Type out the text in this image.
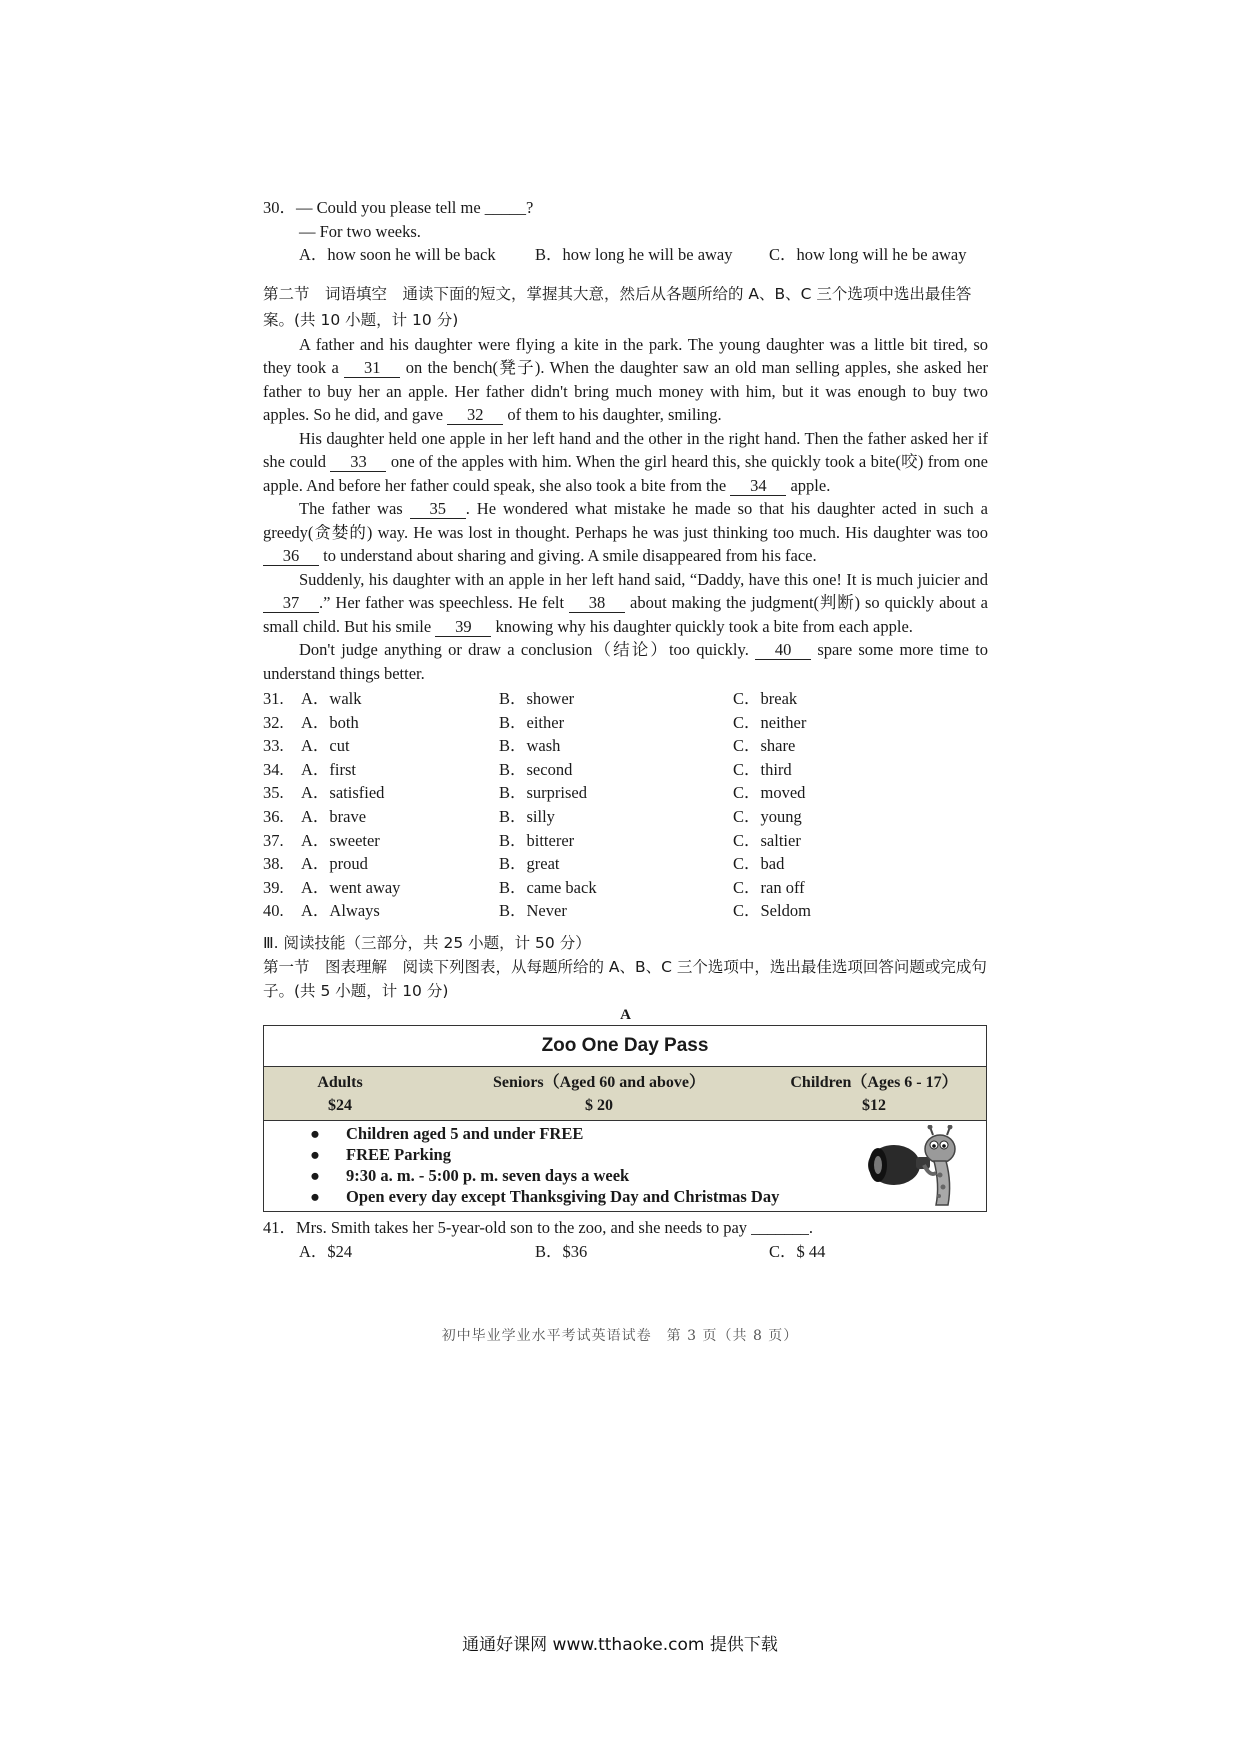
30．— Could you please tell me _____?
— For two weeks.
A．how soon he will be back	B．how long he will be away	C．how long will he be away
第二节　词语填空　通读下面的短文，掌握其大意，然后从各题所给的 A、B、C 三个选项中选出最佳答案。(共 10 小题，计 10 分)

A father and his daughter were flying a kite in the park. The young daughter was a little bit tired, so they took a 31 on the bench(凳子). When the daughter saw an old man selling apples, she asked her father to buy her an apple. Her father didn't bring much money with him, but it was enough to buy two apples. So he did, and gave 32 of them to his daughter, smiling.

His daughter held one apple in her left hand and the other in the right hand. Then the father asked her if she could 33 one of the apples with him. When the girl heard this, she quickly took a bite(咬) from one apple. And before her father could speak, she also took a bite from the 34 apple.

The father was 35 . He wondered what mistake he made so that his daughter acted in such a greedy(贪婪的) way. He was lost in thought. Perhaps he was just thinking too much. His daughter was too 36 to understand about sharing and giving. A smile disappeared from his face.

Suddenly, his daughter with an apple in her left hand said, “Daddy, have this one! It is much juicier and 37 .” Her father was speechless. He felt 38 about making the judgment(判断) so quickly about a small child. But his smile 39 knowing why his daughter quickly took a bite from each apple.

Don't judge anything or draw a conclusion（结论）too quickly. 40 spare some more time to understand things better.

31. A．walk	B．shower	C．break
32. A．both	B．either	C．neither
33. A．cut	B．wash	C．share
34. A．first	B．second	C．third
35. A．satisfied	B．surprised	C．moved
36. A．brave	B．silly	C．young
37. A．sweeter	B．bitterer	C．saltier
38. A．proud	B．great	C．bad
39. A．went away	B．came back	C．ran off
40. A．Always	B．Never	C．Seldom
Ⅲ. 阅读技能（三部分，共 25 小题，计 50 分）
第一节　图表理解　阅读下列图表，从每题所给的 A、B、C 三个选项中，选出最佳选项回答问题或完成句子。(共 5 小题，计 10 分)
A
Zoo One Day Pass
Adults
$24
Seniors（Aged 60 and above）
$ 20
Children（Ages 6 - 17）
$12
● Children aged 5 and under FREE
● FREE Parking
● 9:30 a. m. - 5:00 p. m. seven days a week
● Open every day except Thanksgiving Day and Christmas Day
41．Mrs. Smith takes her 5-year-old son to the zoo, and she needs to pay _______.
A．$24	B．$36	C．$ 44
初中毕业学业水平考试英语试卷　第 3 页（共 8 页）
通通好课网 www.tthaoke.com 提供下载
